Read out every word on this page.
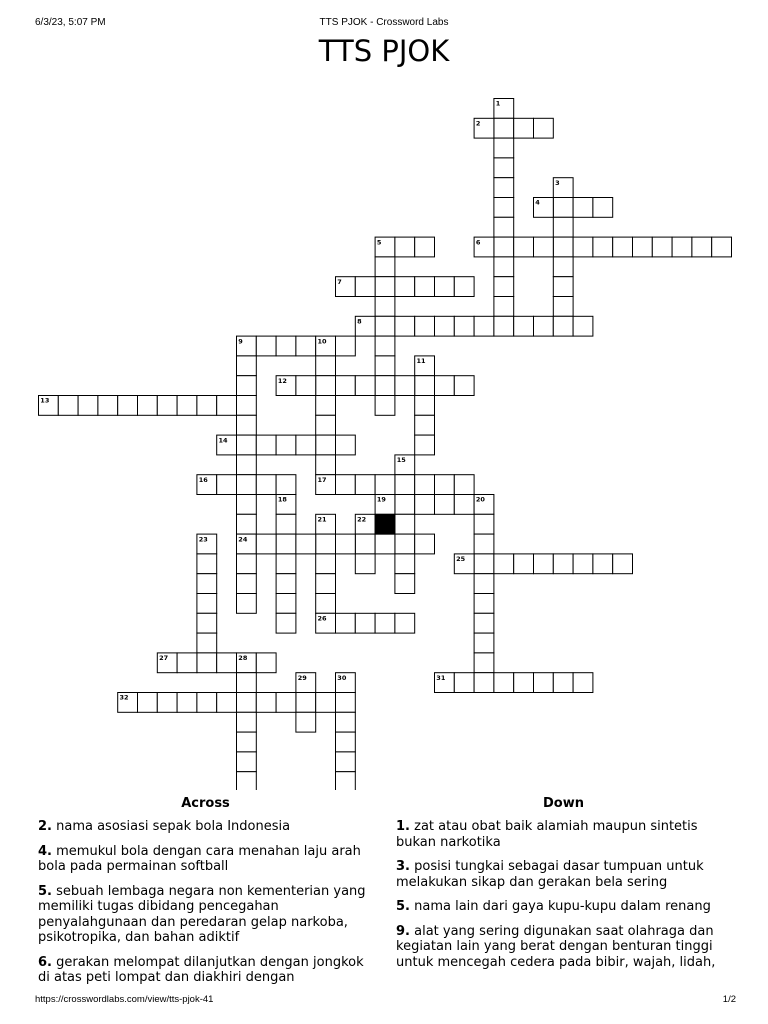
6/3/23, 5:07 PM	TTS PJOK - Crossword Labs
TTS PJOK
1
2
3
4
5	6
7
8
9	10
11
12
13
14
15
16	17
18	19	20
21	22
23	24
25
26
27	28
29	30	31
32
Across
2. nama asosiasi sepak bola Indonesia
4. memukul bola dengan cara menahan laju arah bola pada permainan softball
5. sebuah lembaga negara non kementerian yang memiliki tugas dibidang pencegahan penyalahgunaan dan peredaran gelap narkoba, psikotropika, dan bahan adiktif
6. gerakan melompat dilanjutkan dengan jongkok di atas peti lompat dan diakhiri dengan
Down
1. zat atau obat baik alamiah maupun sintetis bukan narkotika
3. posisi tungkai sebagai dasar tumpuan untuk melakukan sikap dan gerakan bela sering
5. nama lain dari gaya kupu-kupu dalam renang
9. alat yang sering digunakan saat olahraga dan kegiatan lain yang berat dengan benturan tinggi untuk mencegah cedera pada bibir, wajah, lidah,
https://crosswordlabs.com/view/tts-pjok-41	1/2
